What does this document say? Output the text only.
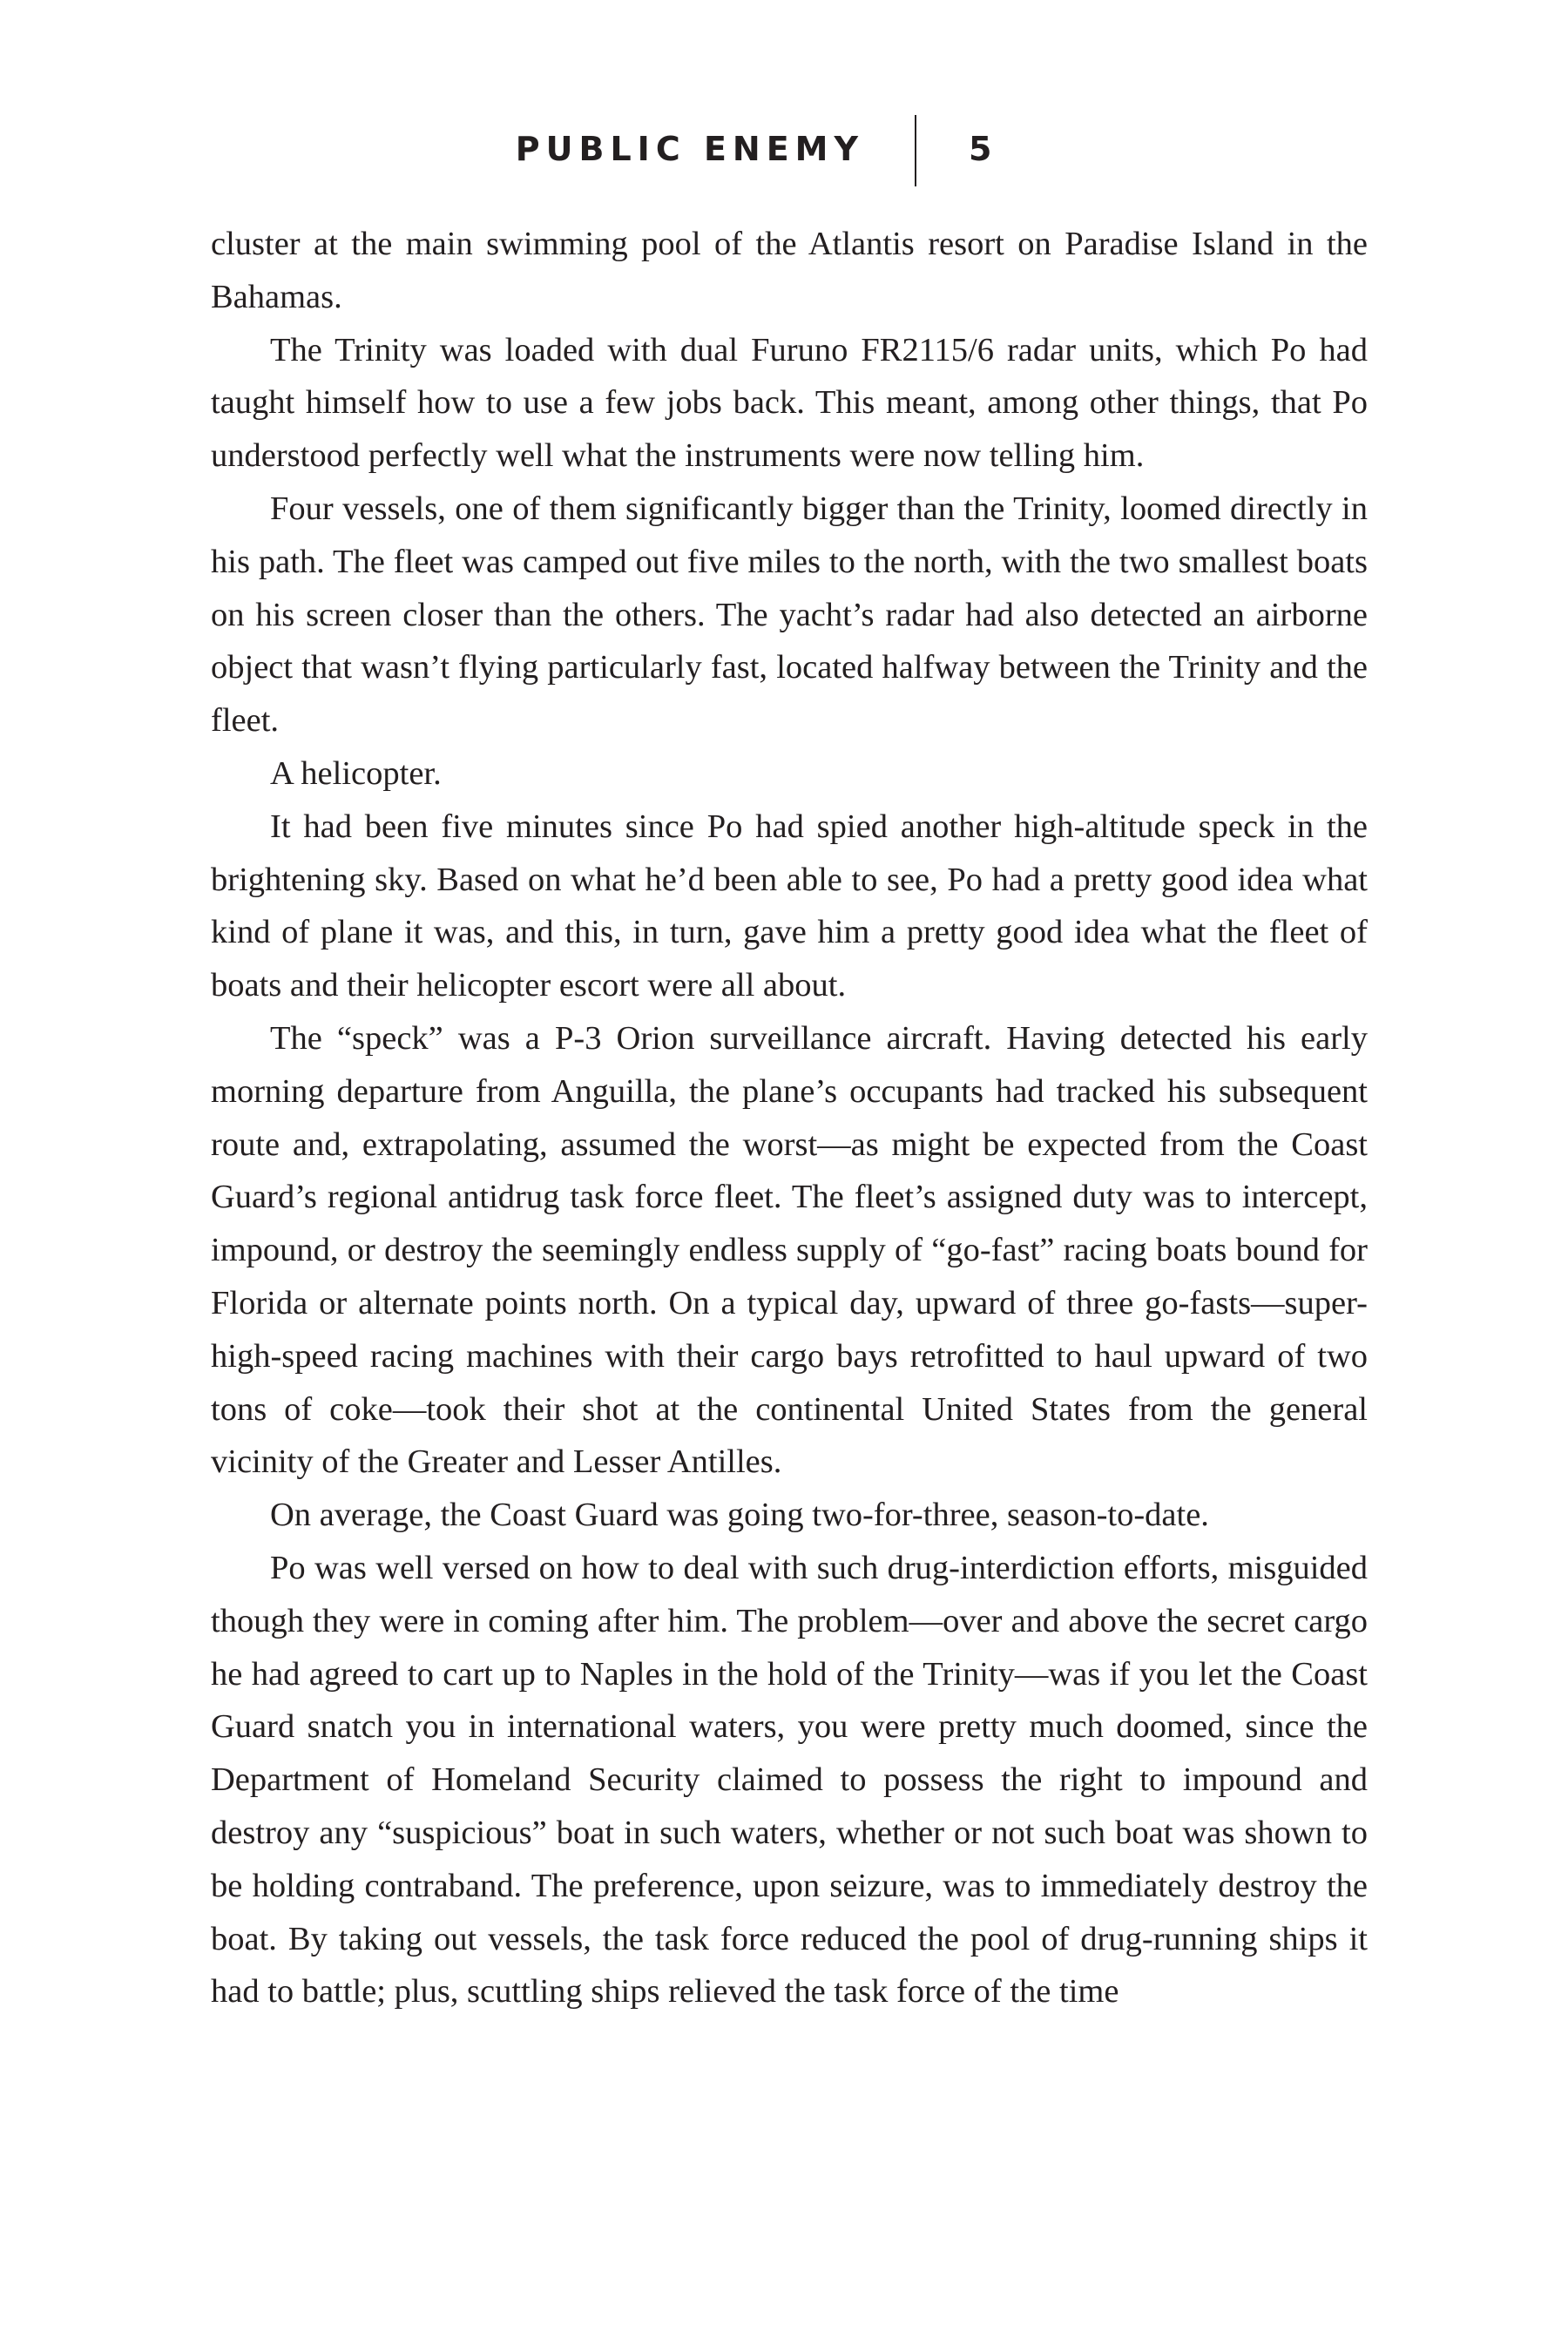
PUBLIC ENEMY	5

cluster at the main swimming pool of the Atlantis resort on Paradise Island in the Bahamas.

The Trinity was loaded with dual Furuno FR2115/6 radar units, which Po had taught himself how to use a few jobs back. This meant, among other things, that Po understood perfectly well what the instruments were now telling him.

Four vessels, one of them significantly bigger than the Trinity, loomed directly in his path. The fleet was camped out five miles to the north, with the two smallest boats on his screen closer than the others. The yacht’s radar had also detected an airborne object that wasn’t flying particularly fast, located halfway between the Trinity and the fleet.

A helicopter.

It had been five minutes since Po had spied another high-altitude speck in the brightening sky. Based on what he’d been able to see, Po had a pretty good idea what kind of plane it was, and this, in turn, gave him a pretty good idea what the fleet of boats and their helicopter escort were all about.

The “speck” was a P-3 Orion surveillance aircraft. Having detected his early morning departure from Anguilla, the plane’s occupants had tracked his subsequent route and, extrapolating, assumed the worst—as might be expected from the Coast Guard’s regional antidrug task force fleet. The fleet’s assigned duty was to intercept, impound, or destroy the seemingly endless supply of “go-fast” racing boats bound for Florida or alternate points north. On a typical day, upward of three go-fasts—super-high-speed racing machines with their cargo bays retrofitted to haul upward of two tons of coke—took their shot at the continental United States from the general vicinity of the Greater and Lesser Antilles.

On average, the Coast Guard was going two-for-three, season-to-date.

Po was well versed on how to deal with such drug-interdiction efforts, misguided though they were in coming after him. The problem—over and above the secret cargo he had agreed to cart up to Naples in the hold of the Trinity—was if you let the Coast Guard snatch you in international waters, you were pretty much doomed, since the Department of Homeland Security claimed to possess the right to impound and destroy any “suspicious” boat in such waters, whether or not such boat was shown to be holding contraband. The preference, upon seizure, was to immediately destroy the boat. By taking out vessels, the task force reduced the pool of drug-running ships it had to battle; plus, scuttling ships relieved the task force of the time
